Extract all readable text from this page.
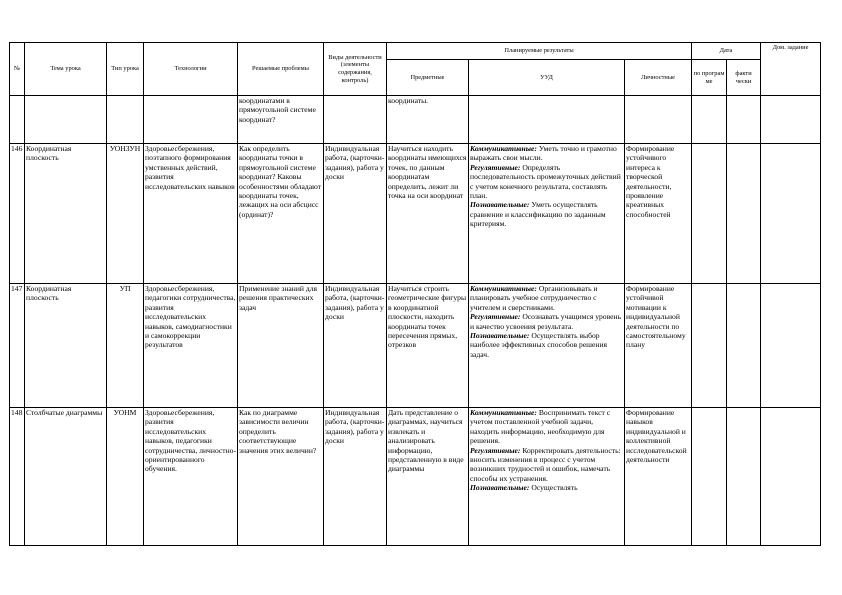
№	Тема урока	Тип урока	Технологии	Решаемые проблемы	Виды деятельности (элементы содержания, контроль)	Планируемые результаты			Дата		Дом. задание
						Предметные	УУД	Личностные	по програм ме	факти чески	
				координатами в прямоугольной системе координат?		координаты.					
146	Координатная плоскость	УОНЗУН	Здоровьесбережения, поэтапного формирования умственных действий, развития исследовательских навыков	Как определить координаты точки в прямоугольной системе координат? Каковы особенностями обладают координаты точек, лежащих на оси абсцисс (ординат)?	Индивидуальная работа, (карточки-задания), работа у доски	Научиться находить координаты имеющихся точек, по данным координатам определить, лежит ли точка на оси координат	Коммуникативные: Уметь точно и грамотно выражать свои мысли.
Регулятивные: Определять последовательность промежуточных действий с учетом конечного результата, составлять план.
Познавательные: Уметь осуществлять сравнение и классификацию по заданным критериям.	Формирование устойчивого интереса к творческой деятельности, проявление креативных способностей			
147	Координатная плоскость	УП	Здоровьесбережения, педагогики сотрудничества, развития исследовательских навыков, самодиагностики и самокоррекции результатов	Применение знаний для решения практических задач	Индивидуальная работа, (карточки-задания), работа у доски	Научиться строить геометрические фигуры в координатной плоскости, находить координаты точек пересечения прямых, отрезков	Коммуникативные: Организовывать и планировать учебное сотрудничество с учителем и сверстниками.
Регулятивные: Осознавать учащимся уровень и качество усвоения результата.
Познавательные: Осуществлять выбор наиболее эффективных способов решения задач.	Формирование устойчивой мотивации к индивидуальной деятельности по самостоятельному плану			
148	Столбчатые диаграммы	УОНМ	Здоровьесбережения, развития исследовательских навыков, педагогики сотрудничества, личностно-ориентированного обучения.	Как по диаграмме зависимости величин определить соответствующие значения этих величин?	Индивидуальная работа, (карточки-задания), работа у доски	Дать представление о диаграммах, научиться извлекать и анализировать информацию, представленную в виде диаграммы	Коммуникативные: Воспринимать текст с учетом поставленной учебной задачи, находить информацию, необходимую для решения.
Регулятивные: Корректировать деятельность: вносить изменения в процесс с учетом возникших трудностей и ошибок, намечать способы их устранения.
Познавательные: Осуществлять	Формирование навыков индивидуальной и коллективной исследовательской деятельности			
